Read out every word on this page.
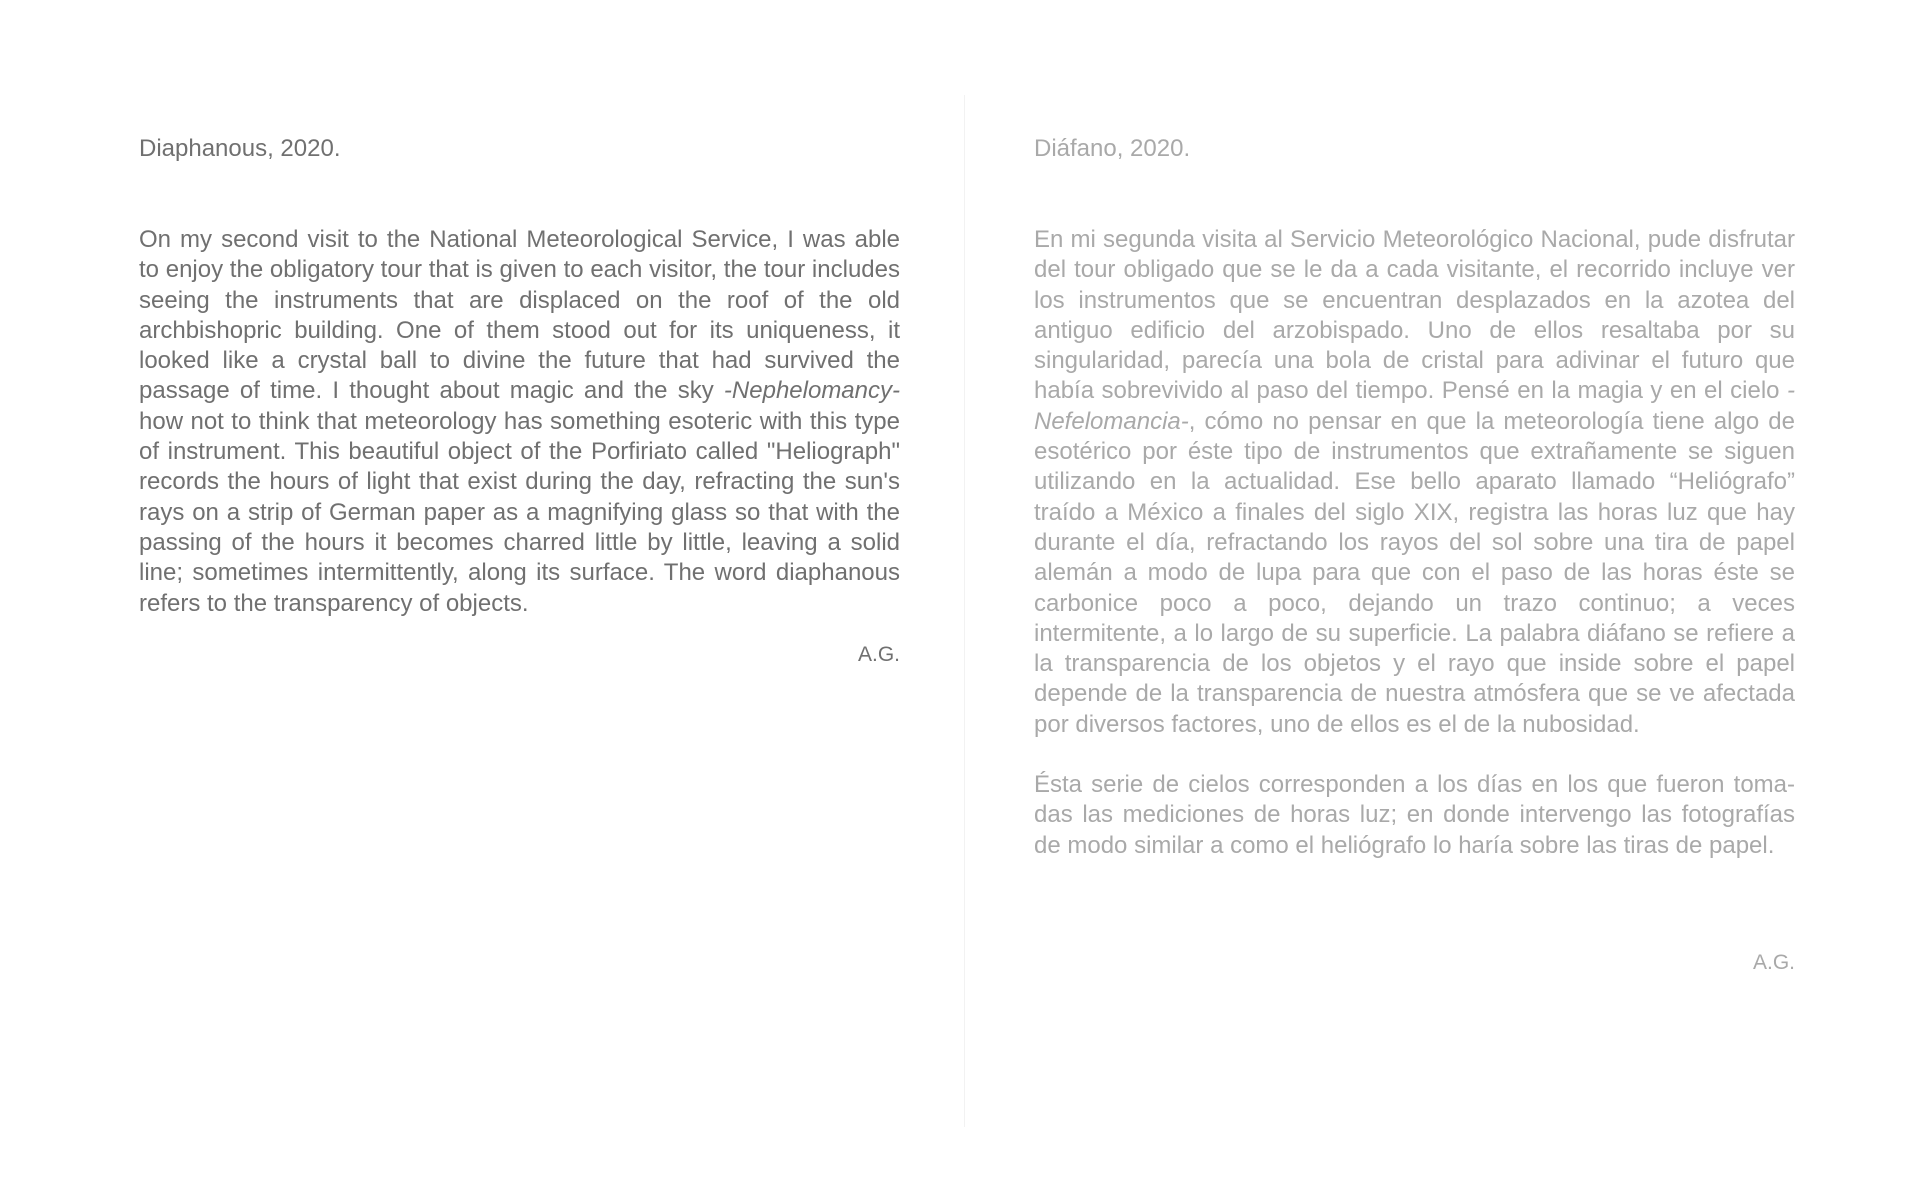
Diaphanous, 2020.

On my second visit to the National Meteorological Service, I was able to enjoy the obligatory tour that is given to each visitor, the tour includes seeing the instruments that are displaced on the roof of the old archbishopric building. One of them stood out for its uniqueness, it looked like a crystal ball to divine the future that had survived the passage of time. I thought about magic and the sky -Nephelomancy- how not to think that meteorology has something esoteric with this type of instrument. This beautiful object of the Porfiriato called "Heliograph" records the hours of light that exist during the day, refracting the sun's rays on a strip of German paper as a magnifying glass so that with the passing of the hours it becomes charred little by little, leaving a solid line; sometimes intermittently, along its surface. The word diaphanous refers to the transparency of objects.

A.G.
Diáfano, 2020.

En mi segunda visita al Servicio Meteorológico Nacional, pude disfrutar del tour obligado que se le da a cada visitante, el recorrido incluye ver los instrumentos que se encuentran desplazados en la azotea del antiguo edificio del arzobispado. Uno de ellos resaltaba por su singularidad, parecía una bola de cristal para adivinar el futuro que había sobrevivido al paso del tiempo. Pensé en la magia y en el cielo -Nefelomancia-, cómo no pensar en que la meteorología tiene algo de esotérico por éste tipo de instrumentos que extrañamente se siguen utilizando en la actualidad. Ese bello aparato llamado “Heliógrafo” traído a México a finales del siglo XIX, registra las horas luz que hay durante el día, refractando los rayos del sol sobre una tira de papel alemán a modo de lupa para que con el paso de las horas éste se carbonice poco a poco, dejando un trazo continuo; a veces intermitente, a lo largo de su superficie. La palabra diáfano se refiere a la transparencia de los objetos y el rayo que inside sobre el papel depende de la transparencia de nuestra atmósfera que se ve afectada por diversos factores, uno de ellos es el de la nubosidad.

Ésta serie de cielos corresponden a los días en los que fueron tomadas las mediciones de horas luz; en donde intervengo las fotografías de modo similar a como el heliógrafo lo haría sobre las tiras de papel.

A.G.
